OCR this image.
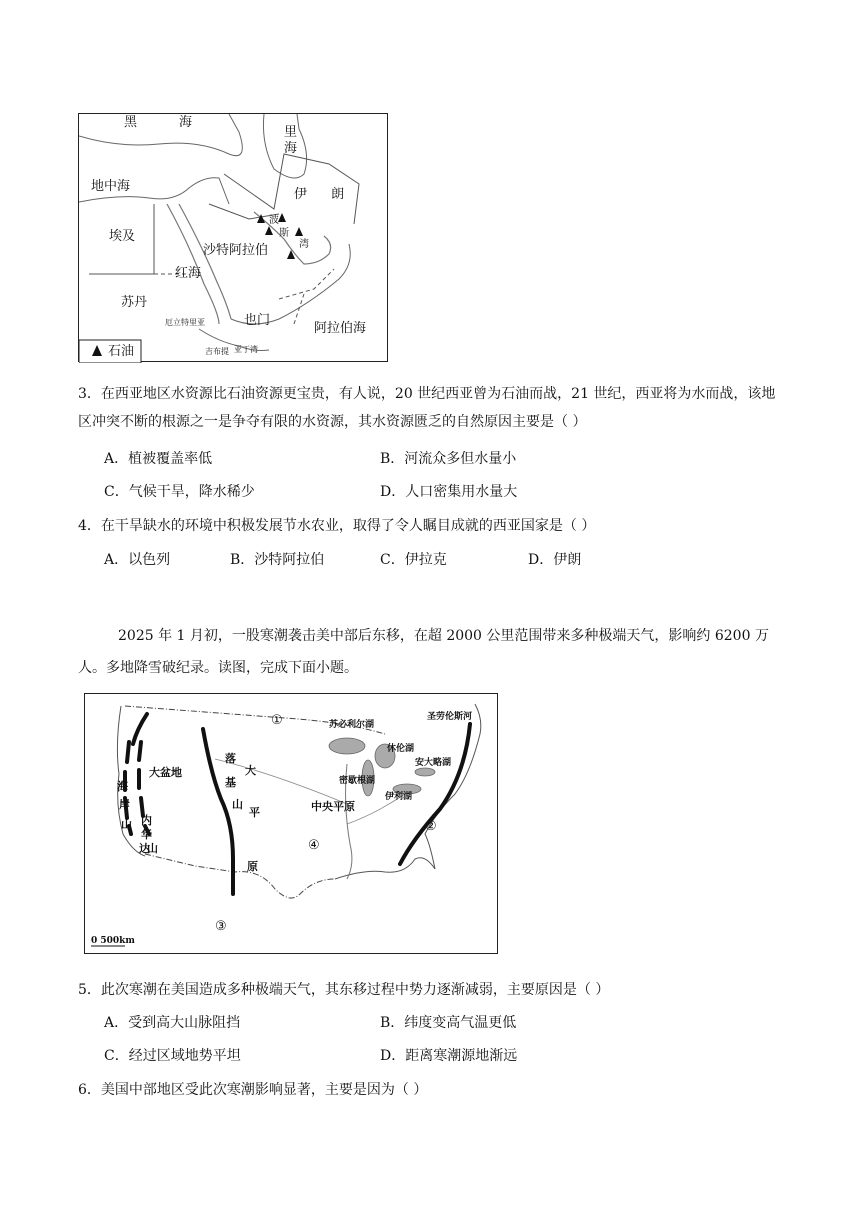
黑	海
里
海
地中海
伊 朗
埃及
波
斯
湾
沙特阿拉伯
红海
苏丹
厄立特里亚	也门
阿拉伯海
吉布提 亚丁湾
石油
3．在西亚地区水资源比石油资源更宝贵，有人说，20 世纪西亚曾为石油而战，21 世纪，西亚将为水而战，该地区冲突不断的根源之一是争夺有限的水资源，其水资源匮乏的自然原因主要是（ ）
A．植被覆盖率低	B．河流众多但水量小
C．气候干旱，降水稀少	D．人口密集用水量大
4．在干旱缺水的环境中积极发展节水农业，取得了令人瞩目成就的西亚国家是（ ）
A．以色列	B．沙特阿拉伯	C．伊拉克	D．伊朗
2025 年 1 月初，一股寒潮袭击美中部后东移，在超 2000 公里范围带来多种极端天气，影响约 6200 万人。多地降雪破纪录。读图，完成下面小题。
①
②
③
④
苏必利尔湖
圣劳伦斯河
休伦湖
安大略湖
密歇根湖
伊利湖
大盆地
落
基
山
大
平
原
海
岸
山 内
华
达
山
中央平原
0 500km
5．此次寒潮在美国造成多种极端天气，其东移过程中势力逐渐减弱，主要原因是（ ）
A．受到高大山脉阻挡	B．纬度变高气温更低
C．经过区域地势平坦	D．距离寒潮源地渐远
6．美国中部地区受此次寒潮影响显著，主要是因为（ ）
